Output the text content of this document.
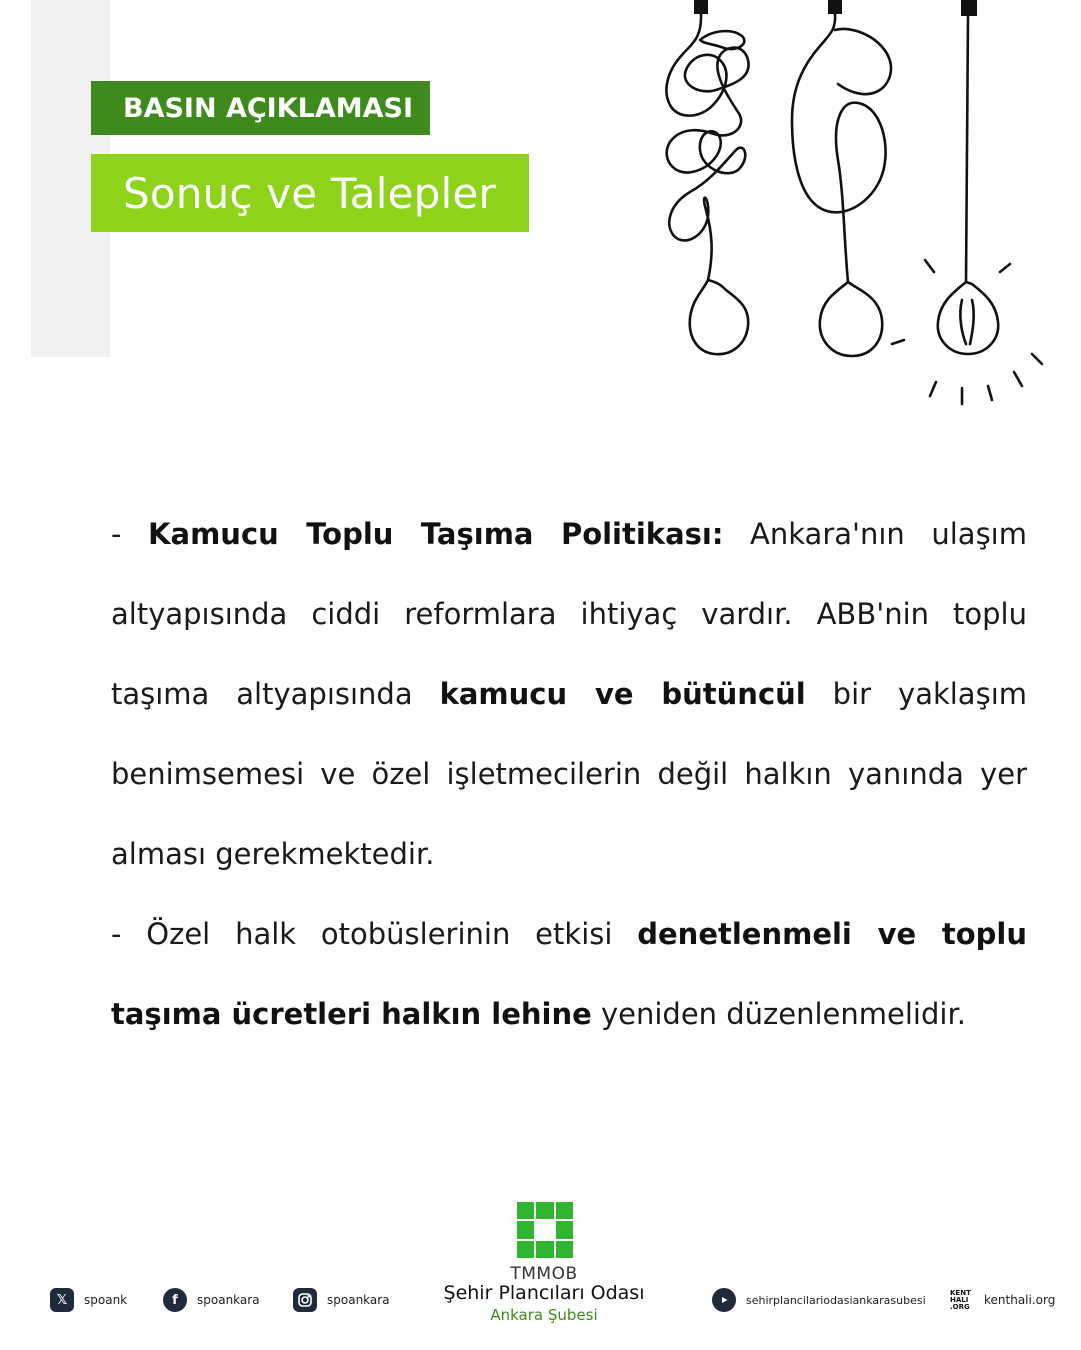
BASIN AÇIKLAMASI
Sonuç ve Talepler

- Kamucu Toplu Taşıma Politikası: Ankara'nın ulaşım altyapısında ciddi reformlara ihtiyaç vardır. ABB'nin toplu taşıma altyapısında kamucu ve bütüncül bir yaklaşım benimsemesi ve özel işletmecilerin değil halkın yanında yer alması gerekmektedir.

- Özel halk otobüslerinin etkisi denetlenmeli ve toplu taşıma ücretleri halkın lehine yeniden düzenlenmelidir.

𝕏	spoank	f	spoankara	spoankara
TMMOB
Şehir Plancıları Odası
Ankara Şubesi
sehirplancilariodasiankarasubesi
KENT HALI .ORG	kenthali.org
